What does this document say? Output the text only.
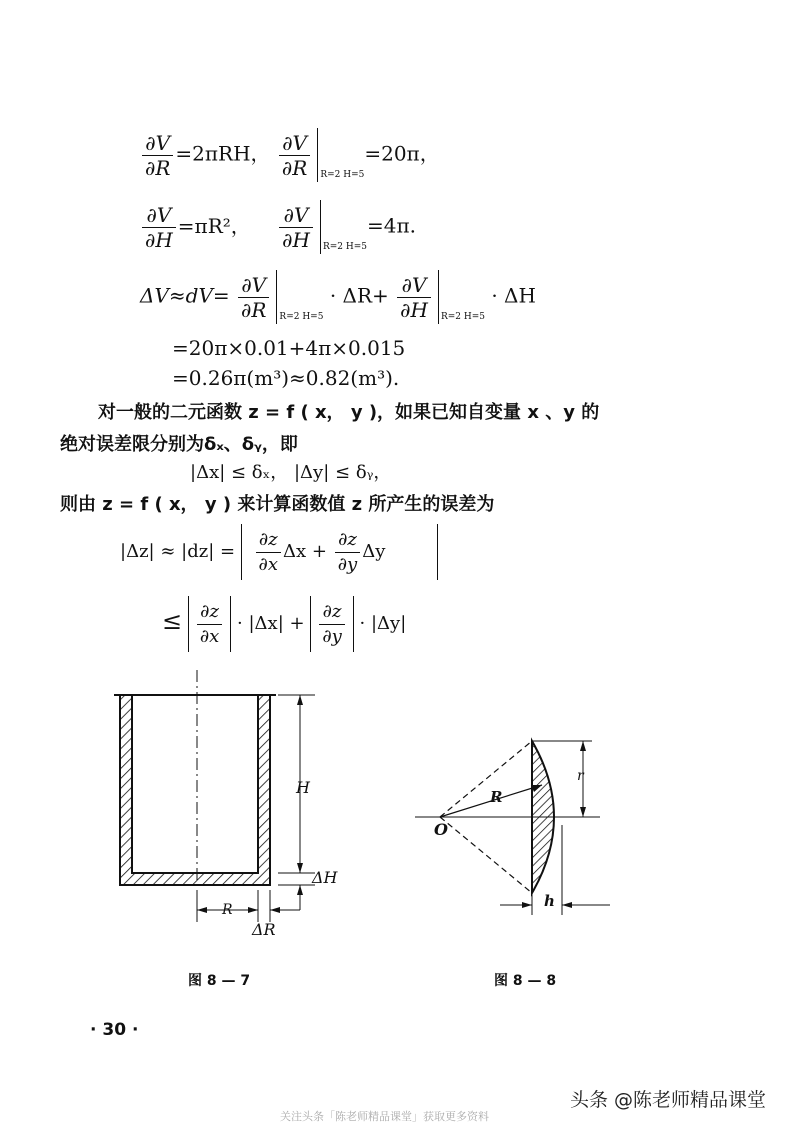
$\frac{\partial V}{\partial R} =2\pi RH$， $\frac{\partial V}{\partial R} R=2$ H=5=20π，
$\frac{\partial V}{\partial H} =\pi R^2$， $\frac{\partial V}{\partial H} R=2$ H=5=4π.
$\Delta V\approx dV= \frac{\partial V}{\partial R} R=2$ $H=5 \cdot \Delta R+ \frac{\partial V}{\partial H} R=2$ H=5 · ΔH
=20π×0.01+4π×0.015
=0.26π(m³)≈0.82(m³).
对一般的二元函数 z = f ( x， y )，如果已知自变量 x 、y 的
绝对误差限分别为δₓ、δᵧ，即
|Δx| ≤ δₓ， |Δy| ≤ δᵧ，
则由 z = f ( x， y ) 来计算函数值 z 所产生的误差为
$|\Delta z| \approx |dz| = \frac{\partial z}{\partial x}$ $\Delta x + \frac{\partial z}{\partial y}$ Δy
≤ $\frac{\partial z}{\partial x} \cdot |\Delta x| + \frac{\partial z}{\partial y} \cdot |\Delta y|$
H
ΔH
R
ΔR
图 8 — 7
O
R
r
h
图 8 — 8
· 30 ·
头条 @陈老师精品课堂
关注头条「陈老师精品课堂」获取更多资料
